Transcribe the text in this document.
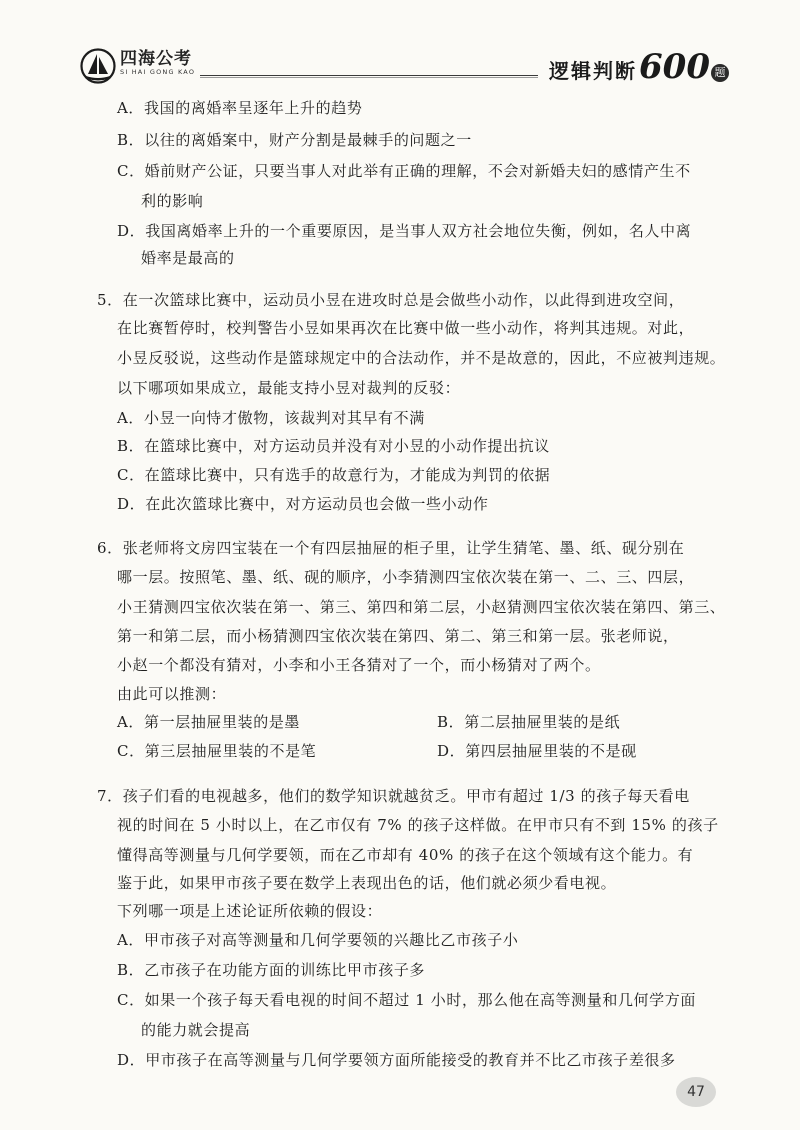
四海公考
SI HAI GONG KAO	逻辑判断 600 题
A．我国的离婚率呈逐年上升的趋势
B．以往的离婚案中，财产分割是最棘手的问题之一
C．婚前财产公证，只要当事人对此举有正确的理解，不会对新婚夫妇的感情产生不
利的影响
D．我国离婚率上升的一个重要原因，是当事人双方社会地位失衡，例如，名人中离
婚率是最高的
5．在一次篮球比赛中，运动员小昱在进攻时总是会做些小动作，以此得到进攻空间，
在比赛暂停时，校判警告小昱如果再次在比赛中做一些小动作，将判其违规。对此，
小昱反驳说，这些动作是篮球规定中的合法动作，并不是故意的，因此，不应被判违规。
以下哪项如果成立，最能支持小昱对裁判的反驳：
A．小昱一向恃才傲物，该裁判对其早有不满
B．在篮球比赛中，对方运动员并没有对小昱的小动作提出抗议
C．在篮球比赛中，只有选手的故意行为，才能成为判罚的依据
D．在此次篮球比赛中，对方运动员也会做一些小动作
6．张老师将文房四宝装在一个有四层抽屉的柜子里，让学生猜笔、墨、纸、砚分别在
哪一层。按照笔、墨、纸、砚的顺序，小李猜测四宝依次装在第一、二、三、四层，
小王猜测四宝依次装在第一、第三、第四和第二层，小赵猜测四宝依次装在第四、第三、
第一和第二层，而小杨猜测四宝依次装在第四、第二、第三和第一层。张老师说，
小赵一个都没有猜对，小李和小王各猜对了一个，而小杨猜对了两个。
由此可以推测：
A．第一层抽屉里装的是墨	B．第二层抽屉里装的是纸
C．第三层抽屉里装的不是笔	D．第四层抽屉里装的不是砚
7．孩子们看的电视越多，他们的数学知识就越贫乏。甲市有超过 1/3 的孩子每天看电
视的时间在 5 小时以上，在乙市仅有 7% 的孩子这样做。在甲市只有不到 15% 的孩子
懂得高等测量与几何学要领，而在乙市却有 40% 的孩子在这个领域有这个能力。有
鉴于此，如果甲市孩子要在数学上表现出色的话，他们就必须少看电视。
下列哪一项是上述论证所依赖的假设：
A．甲市孩子对高等测量和几何学要领的兴趣比乙市孩子小
B．乙市孩子在功能方面的训练比甲市孩子多
C．如果一个孩子每天看电视的时间不超过 1 小时，那么他在高等测量和几何学方面
的能力就会提高
D．甲市孩子在高等测量与几何学要领方面所能接受的教育并不比乙市孩子差很多
47
